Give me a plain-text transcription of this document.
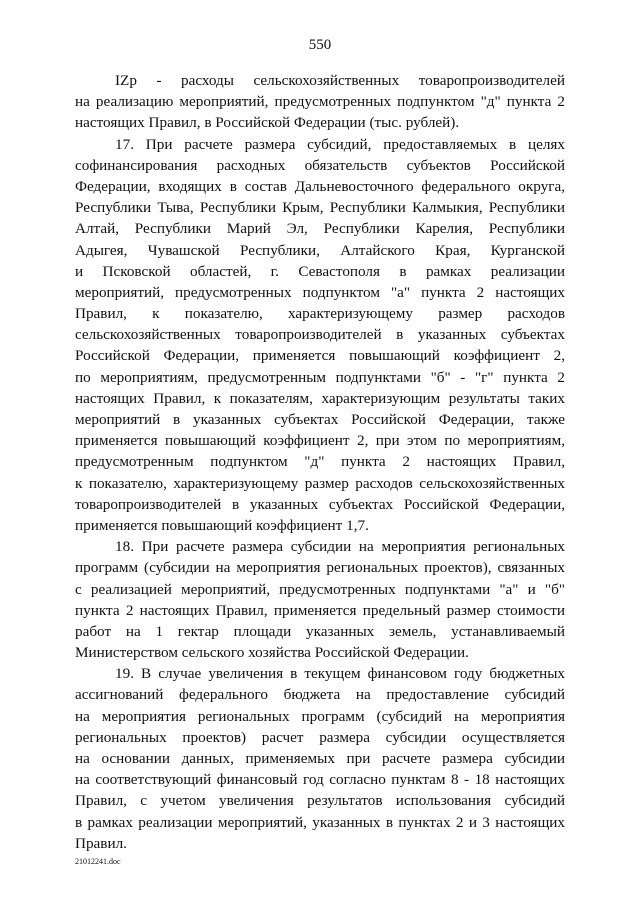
550
IZр - расходы сельскохозяйственных товаропроизводителей
на реализацию мероприятий, предусмотренных подпунктом "д" пункта 2
настоящих Правил, в Российской Федерации (тыс. рублей).
17. При расчете размера субсидий, предоставляемых в целях
софинансирования расходных обязательств субъектов Российской
Федерации, входящих в состав Дальневосточного федерального округа,
Республики Тыва, Республики Крым, Республики Калмыкия, Республики
Алтай, Республики Марий Эл, Республики Карелия, Республики
Адыгея, Чувашской Республики, Алтайского Края, Курганской
и Псковской областей, г. Севастополя в рамках реализации
мероприятий, предусмотренных подпунктом "а" пункта 2 настоящих
Правил, к показателю, характеризующему размер расходов
сельскохозяйственных товаропроизводителей в указанных субъектах
Российской Федерации, применяется повышающий коэффициент 2,
по мероприятиям, предусмотренным подпунктами "б" - "г" пункта 2
настоящих Правил, к показателям, характеризующим результаты таких
мероприятий в указанных субъектах Российской Федерации, также
применяется повышающий коэффициент 2, при этом по мероприятиям,
предусмотренным подпунктом "д" пункта 2 настоящих Правил,
к показателю, характеризующему размер расходов сельскохозяйственных
товаропроизводителей в указанных субъектах Российской Федерации,
применяется повышающий коэффициент 1,7.
18. При расчете размера субсидии на мероприятия региональных
программ (субсидии на мероприятия региональных проектов), связанных
с реализацией мероприятий, предусмотренных подпунктами "а" и "б"
пункта 2 настоящих Правил, применяется предельный размер стоимости
работ на 1 гектар площади указанных земель, устанавливаемый
Министерством сельского хозяйства Российской Федерации.
19. В случае увеличения в текущем финансовом году бюджетных
ассигнований федерального бюджета на предоставление субсидий
на мероприятия региональных программ (субсидий на мероприятия
региональных проектов) расчет размера субсидии осуществляется
на основании данных, применяемых при расчете размера субсидии
на соответствующий финансовый год согласно пунктам 8 - 18 настоящих
Правил, с учетом увеличения результатов использования субсидий
в рамках реализации мероприятий, указанных в пунктах 2 и 3 настоящих
Правил.
21012241.doc
